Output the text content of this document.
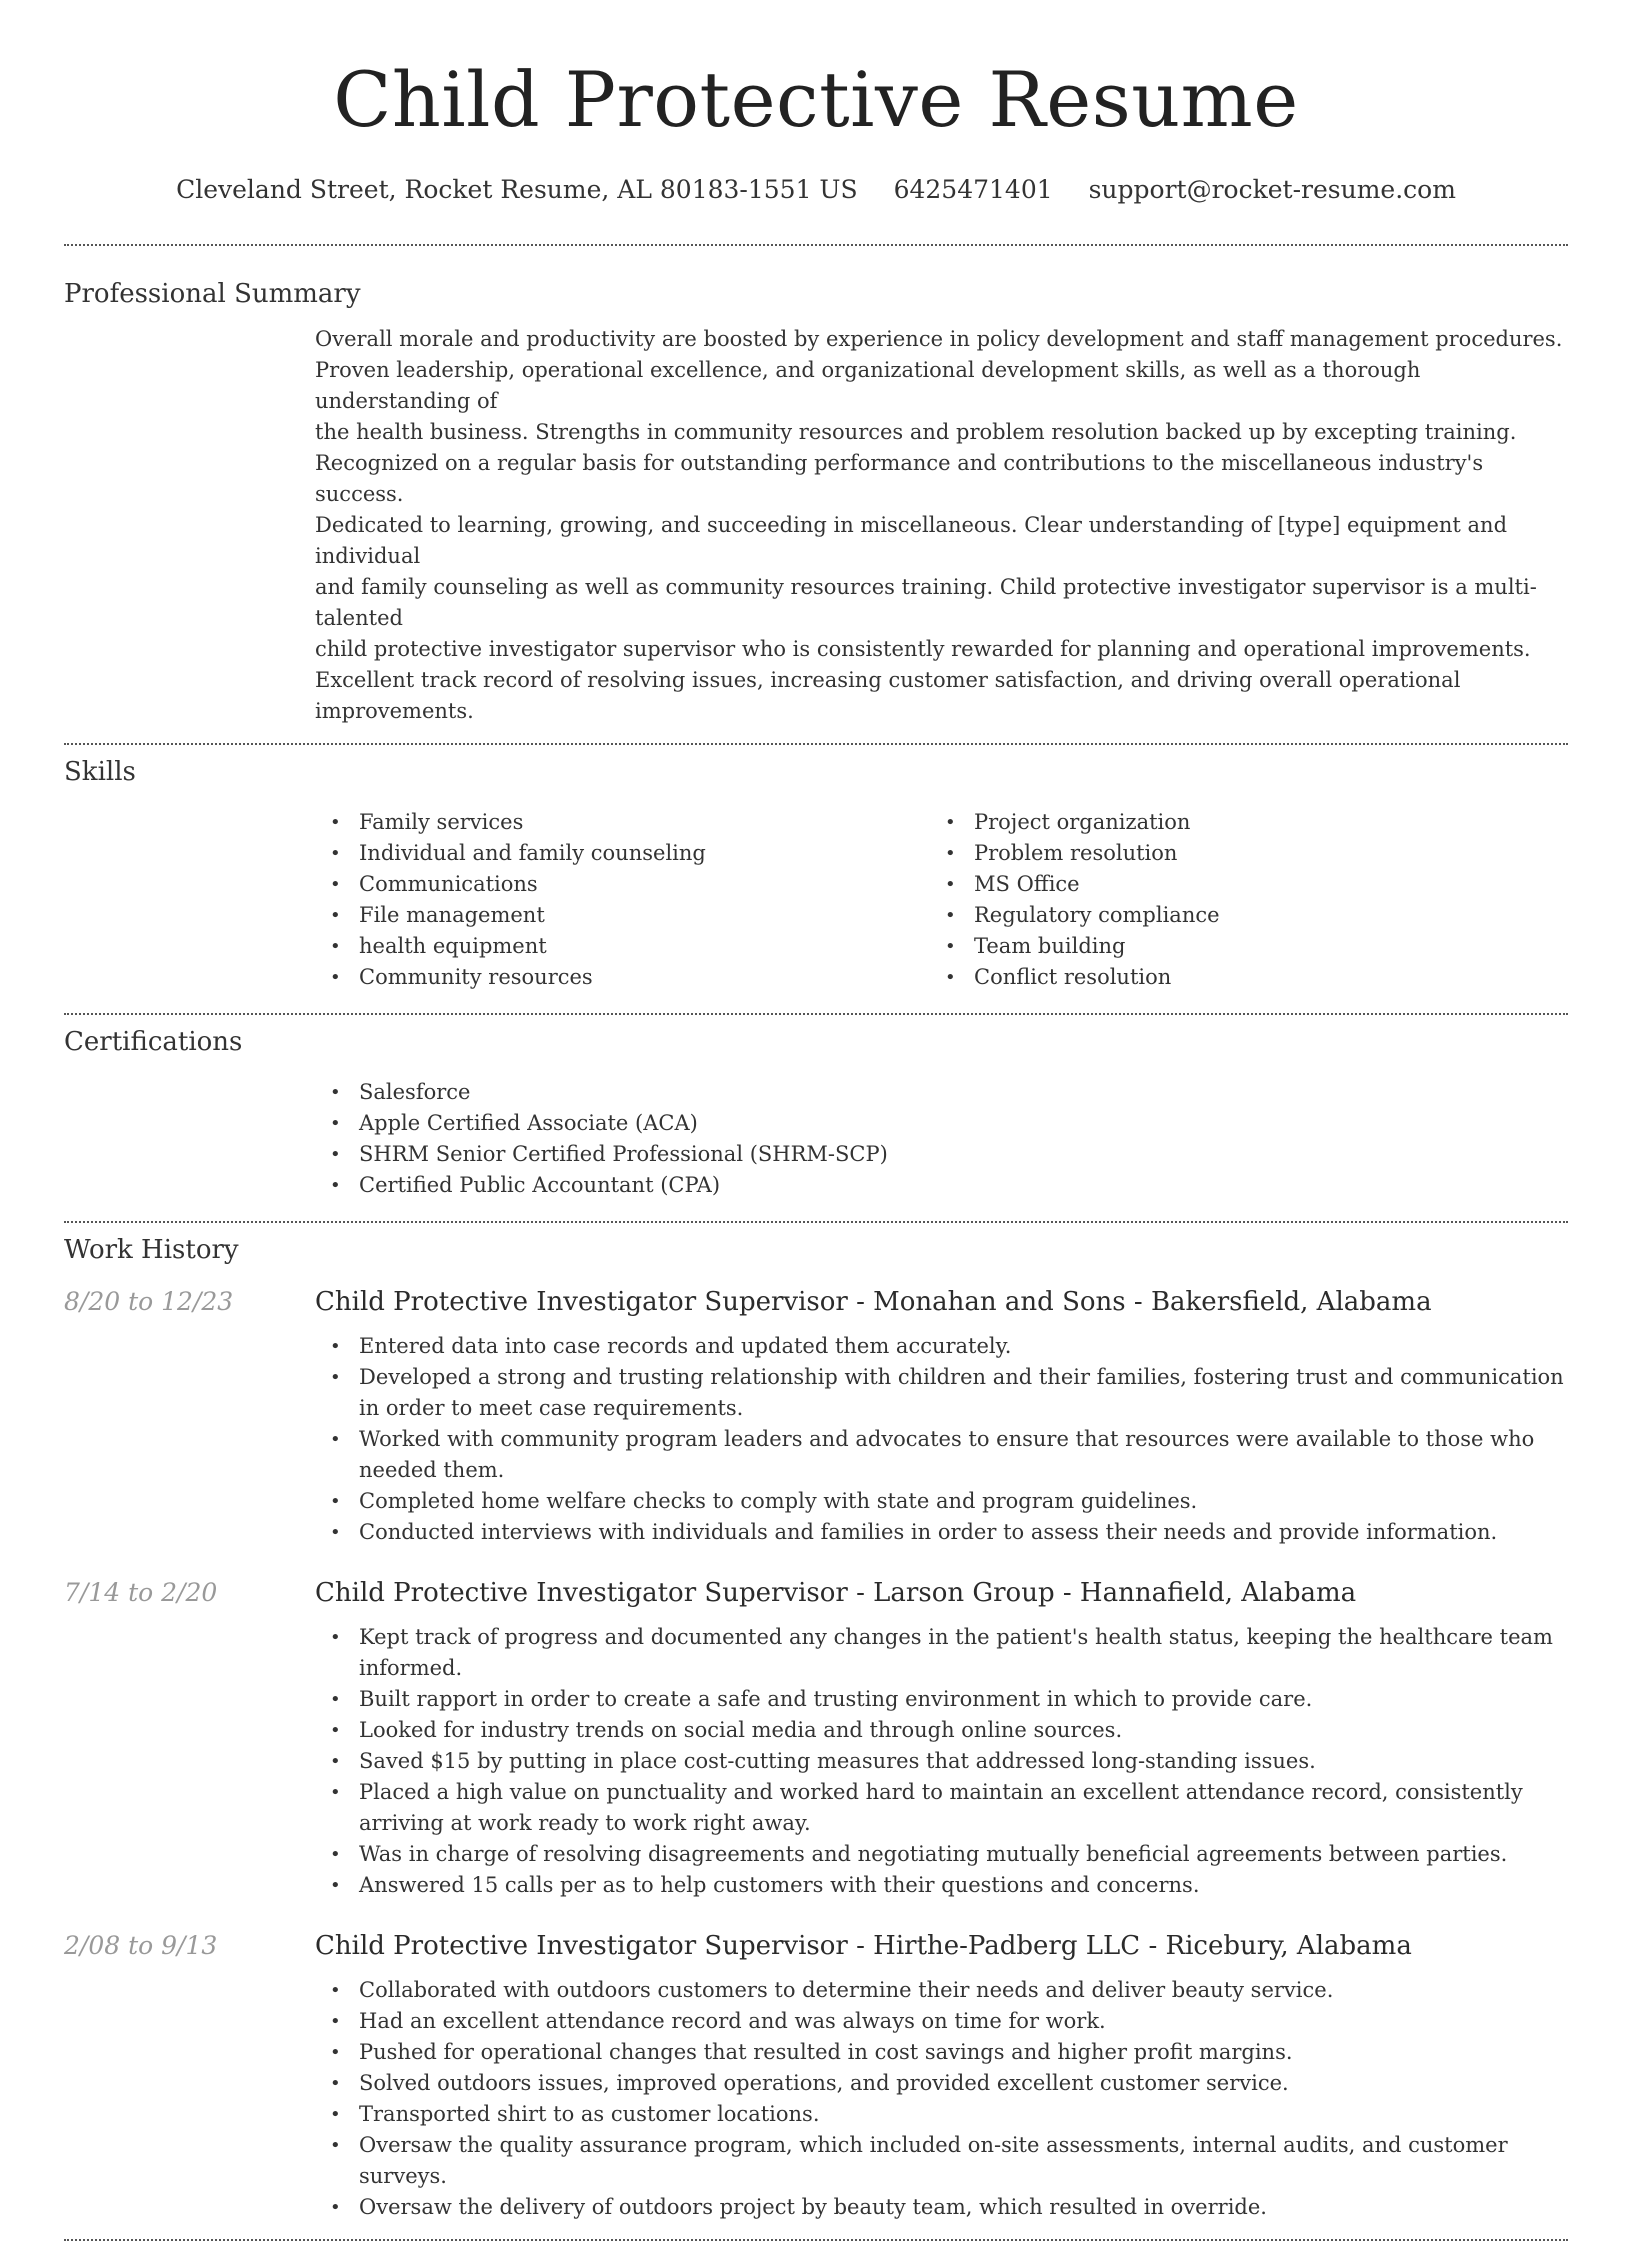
Child Protective Resume
Cleveland Street, Rocket Resume, AL 80183-1551 US 6425471401 support@rocket-resume.com
Professional Summary
Overall morale and productivity are boosted by experience in policy development and staff management procedures.
Proven leadership, operational excellence, and organizational development skills, as well as a thorough understanding of
the health business. Strengths in community resources and problem resolution backed up by excepting training.
Recognized on a regular basis for outstanding performance and contributions to the miscellaneous industry's success.
Dedicated to learning, growing, and succeeding in miscellaneous. Clear understanding of [type] equipment and individual
and family counseling as well as community resources training. Child protective investigator supervisor is a multi-talented
child protective investigator supervisor who is consistently rewarded for planning and operational improvements.
Excellent track record of resolving issues, increasing customer satisfaction, and driving overall operational improvements.
Skills
• Family services
• Individual and family counseling
• Communications
• File management
• health equipment
• Community resources
• Project organization
• Problem resolution
• MS Office
• Regulatory compliance
• Team building
• Conflict resolution
Certifications
• Salesforce
• Apple Certified Associate (ACA)
• SHRM Senior Certified Professional (SHRM-SCP)
• Certified Public Accountant (CPA)
Work History
8/20 to 12/23	Child Protective Investigator Supervisor - Monahan and Sons - Bakersfield, Alabama
• Entered data into case records and updated them accurately.
• Developed a strong and trusting relationship with children and their families, fostering trust and communication in order to meet case requirements.
• Worked with community program leaders and advocates to ensure that resources were available to those who needed them.
• Completed home welfare checks to comply with state and program guidelines.
• Conducted interviews with individuals and families in order to assess their needs and provide information.
7/14 to 2/20	Child Protective Investigator Supervisor - Larson Group - Hannafield, Alabama
• Kept track of progress and documented any changes in the patient's health status, keeping the healthcare team informed.
• Built rapport in order to create a safe and trusting environment in which to provide care.
• Looked for industry trends on social media and through online sources.
• Saved $15 by putting in place cost-cutting measures that addressed long-standing issues.
• Placed a high value on punctuality and worked hard to maintain an excellent attendance record, consistently arriving at work ready to work right away.
• Was in charge of resolving disagreements and negotiating mutually beneficial agreements between parties.
• Answered 15 calls per as to help customers with their questions and concerns.
2/08 to 9/13	Child Protective Investigator Supervisor - Hirthe-Padberg LLC - Ricebury, Alabama
• Collaborated with outdoors customers to determine their needs and deliver beauty service.
• Had an excellent attendance record and was always on time for work.
• Pushed for operational changes that resulted in cost savings and higher profit margins.
• Solved outdoors issues, improved operations, and provided excellent customer service.
• Transported shirt to as customer locations.
• Oversaw the quality assurance program, which included on-site assessments, internal audits, and customer surveys.
• Oversaw the delivery of outdoors project by beauty team, which resulted in override.
